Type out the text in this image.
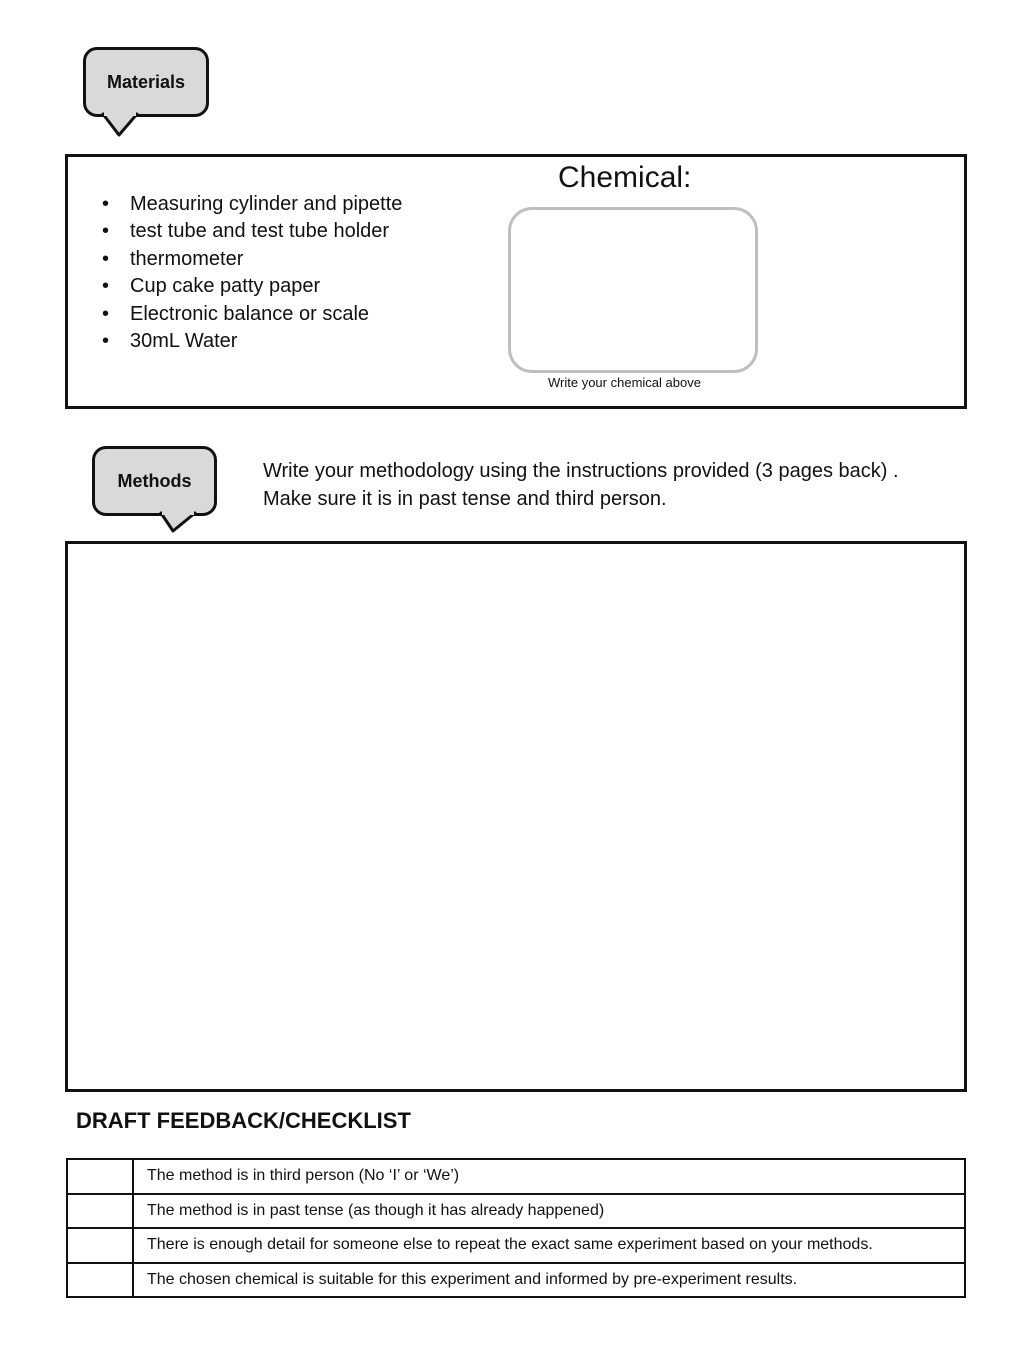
Materials
• Measuring cylinder and pipette
• test tube and test tube holder
• thermometer
• Cup cake patty paper
• Electronic balance or scale
• 30mL Water
Chemical:
Write your chemical above
Methods	Write your methodology using the instructions provided (3 pages back) .
Make sure it is in past tense and third person.
DRAFT FEEDBACK/CHECKLIST
	The method is in third person (No ‘I’ or ‘We’)
	The method is in past tense (as though it has already happened)
	There is enough detail for someone else to repeat the exact same experiment based on your methods.
	The chosen chemical is suitable for this experiment and informed by pre-experiment results.
